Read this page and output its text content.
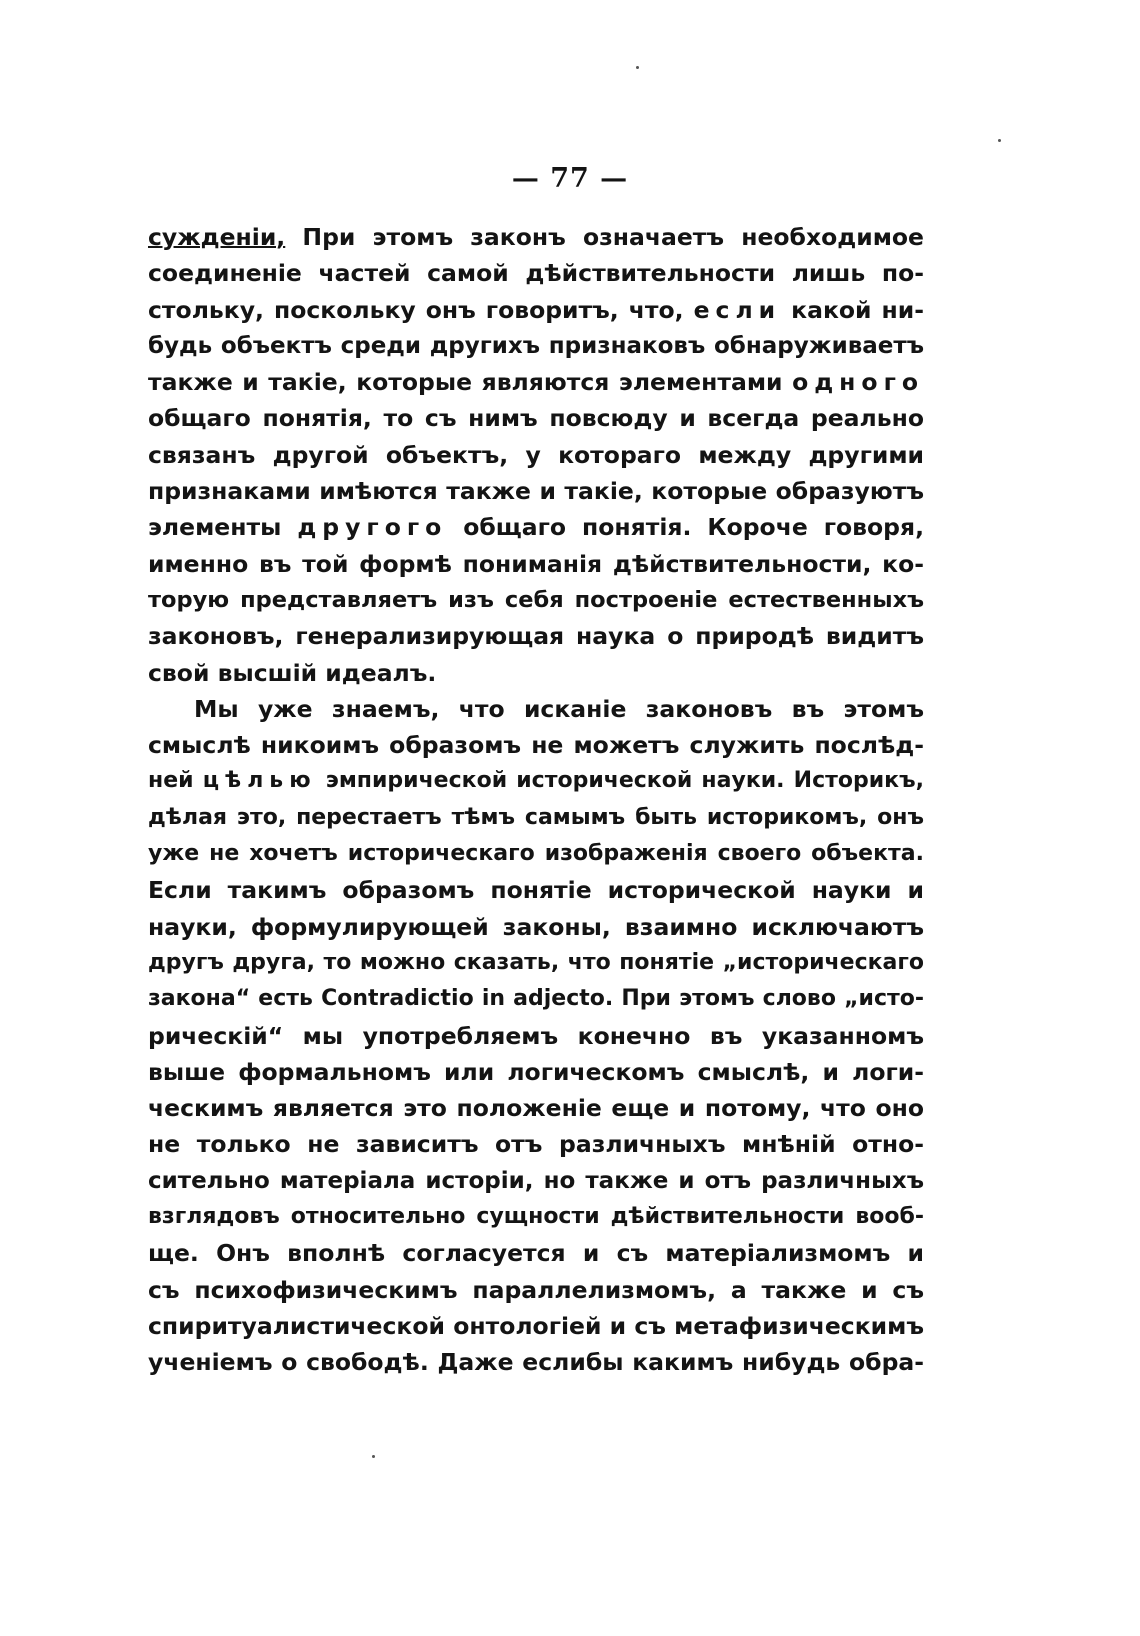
— 77 —
сужденіи, При этомъ законъ означаетъ необходимое
соединеніе частей самой дѣйствительности лишь по-
стольку, поскольку онъ говоритъ, что, если какой ни-
будь объектъ среди другихъ признаковъ обнаруживаетъ
также и такіе, которые являются элементами одного
общаго понятія, то съ нимъ повсюду и всегда реально
связанъ другой объектъ, у котораго между другими
признаками имѣются также и такіе, которые образуютъ
элементы другого общаго понятія. Короче говоря,
именно въ той формѣ пониманія дѣйствительности, ко-
торую представляетъ изъ себя построеніе естественныхъ
законовъ, генерализирующая наука о природѣ видитъ
свой высшій идеалъ.
Мы уже знаемъ, что исканіе законовъ въ этомъ
смыслѣ никоимъ образомъ не можетъ служить послѣд-
ней цѣлью эмпирической исторической науки. Историкъ,
дѣлая это, перестаетъ тѣмъ самымъ быть историкомъ, онъ
уже не хочетъ историческаго изображенія своего объекта.
Если такимъ образомъ понятіе исторической науки и
науки, формулирующей законы, взаимно исключаютъ
другъ друга, то можно сказать, что понятіе „историческаго
закона“ есть Contradictio in adjecto. При этомъ слово „исто-
рическій“ мы употребляемъ конечно въ указанномъ
выше формальномъ или логическомъ смыслѣ, и логи-
ческимъ является это положеніе еще и потому, что оно
не только не зависитъ отъ различныхъ мнѣній отно-
сительно матеріала исторіи, но также и отъ различныхъ
взглядовъ относительно сущности дѣйствительности вооб-
ще. Онъ вполнѣ согласуется и съ матеріализмомъ и
съ психофизическимъ параллелизмомъ, а также и съ
спиритуалистической онтологіей и съ метафизическимъ
ученіемъ о свободѣ. Даже еслибы какимъ нибудь обра-
